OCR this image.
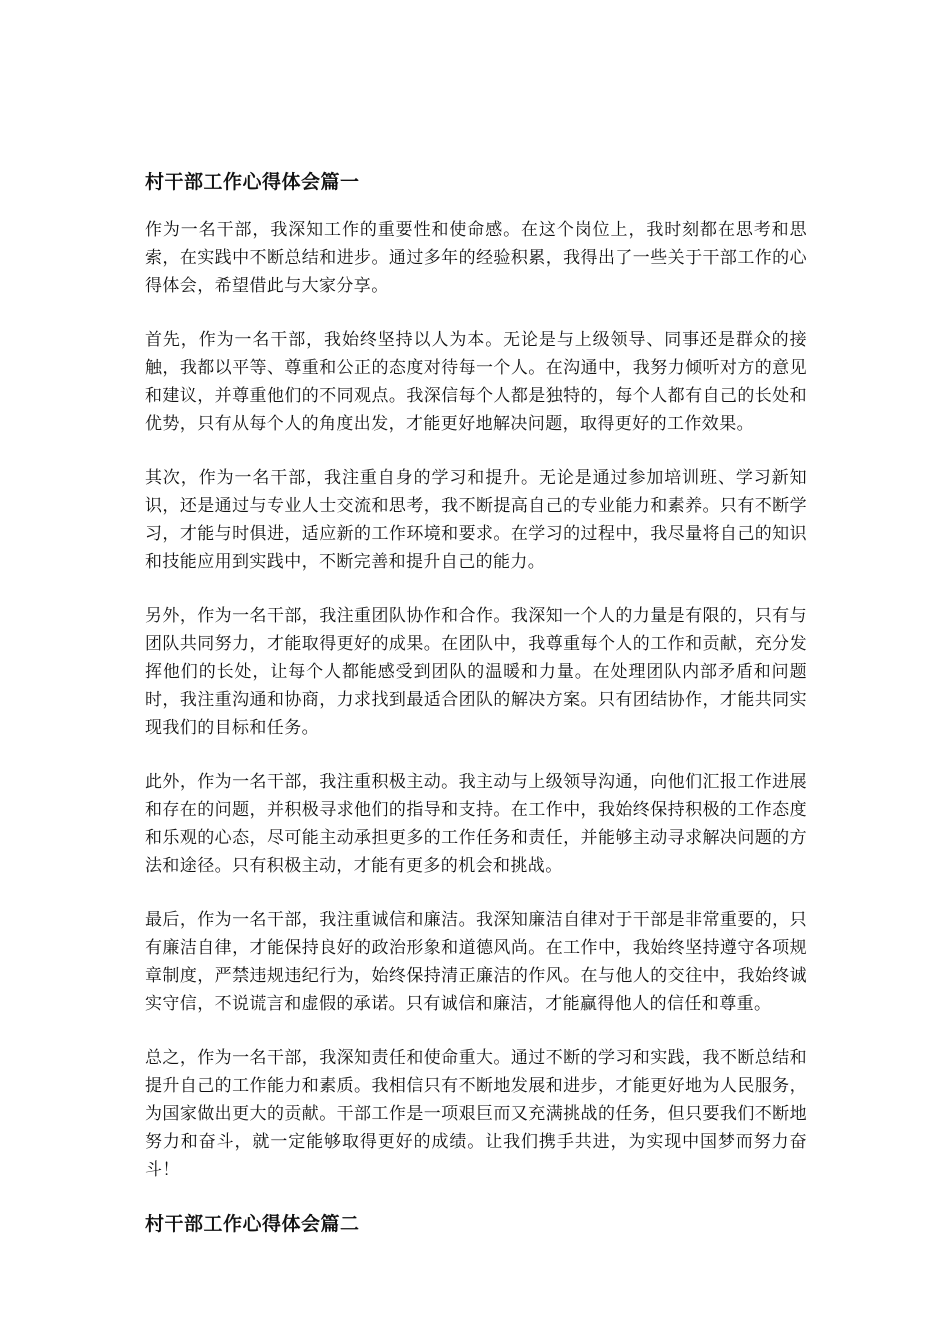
村干部工作心得体会篇一

作为一名干部，我深知工作的重要性和使命感。在这个岗位上，我时刻都在思考和思索，在实践中不断总结和进步。通过多年的经验积累，我得出了一些关于干部工作的心得体会，希望借此与大家分享。

首先，作为一名干部，我始终坚持以人为本。无论是与上级领导、同事还是群众的接触，我都以平等、尊重和公正的态度对待每一个人。在沟通中，我努力倾听对方的意见和建议，并尊重他们的不同观点。我深信每个人都是独特的，每个人都有自己的长处和优势，只有从每个人的角度出发，才能更好地解决问题，取得更好的工作效果。

其次，作为一名干部，我注重自身的学习和提升。无论是通过参加培训班、学习新知识，还是通过与专业人士交流和思考，我不断提高自己的专业能力和素养。只有不断学习，才能与时俱进，适应新的工作环境和要求。在学习的过程中，我尽量将自己的知识和技能应用到实践中，不断完善和提升自己的能力。

另外，作为一名干部，我注重团队协作和合作。我深知一个人的力量是有限的，只有与团队共同努力，才能取得更好的成果。在团队中，我尊重每个人的工作和贡献，充分发挥他们的长处，让每个人都能感受到团队的温暖和力量。在处理团队内部矛盾和问题时，我注重沟通和协商，力求找到最适合团队的解决方案。只有团结协作，才能共同实现我们的目标和任务。

此外，作为一名干部，我注重积极主动。我主动与上级领导沟通，向他们汇报工作进展和存在的问题，并积极寻求他们的指导和支持。在工作中，我始终保持积极的工作态度和乐观的心态，尽可能主动承担更多的工作任务和责任，并能够主动寻求解决问题的方法和途径。只有积极主动，才能有更多的机会和挑战。

最后，作为一名干部，我注重诚信和廉洁。我深知廉洁自律对于干部是非常重要的，只有廉洁自律，才能保持良好的政治形象和道德风尚。在工作中，我始终坚持遵守各项规章制度，严禁违规违纪行为，始终保持清正廉洁的作风。在与他人的交往中，我始终诚实守信，不说谎言和虚假的承诺。只有诚信和廉洁，才能赢得他人的信任和尊重。

总之，作为一名干部，我深知责任和使命重大。通过不断的学习和实践，我不断总结和提升自己的工作能力和素质。我相信只有不断地发展和进步，才能更好地为人民服务，为国家做出更大的贡献。干部工作是一项艰巨而又充满挑战的任务，但只要我们不断地努力和奋斗，就一定能够取得更好的成绩。让我们携手共进，为实现中国梦而努力奋斗！

村干部工作心得体会篇二
